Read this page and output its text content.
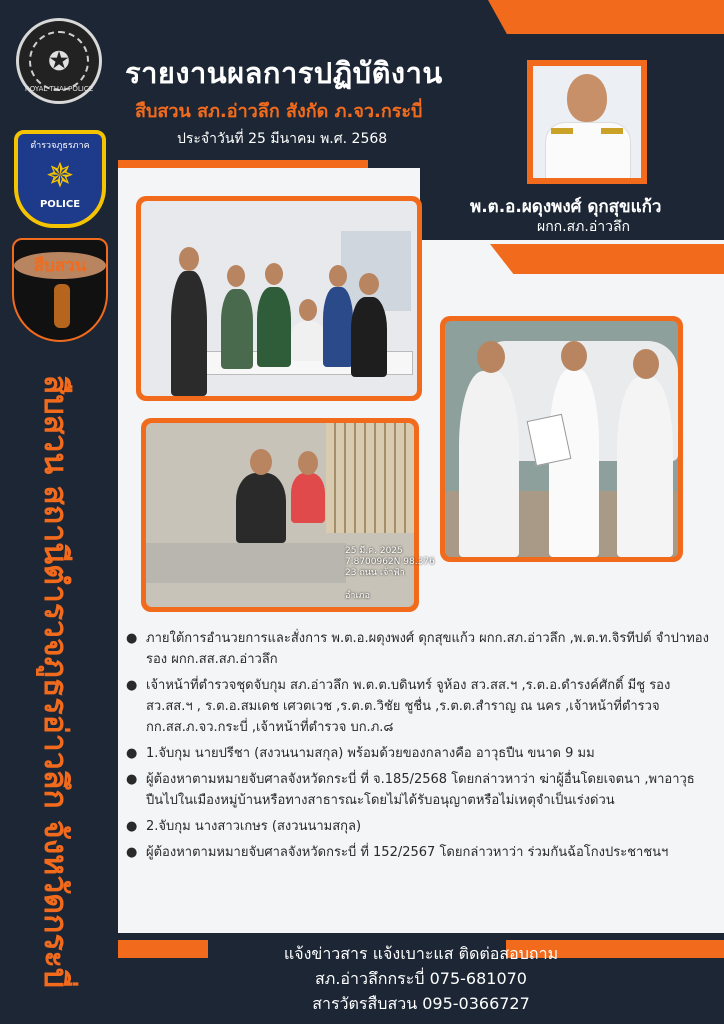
รายงานผลการปฏิบัติงาน
สืบสวน สภ.อ่าวลึก สังกัด ภ.จว.กระบี่
ประจำวันที่ 25 มีนาคม พ.ศ. 2568
✪
ROYAL THAI POLICE
ตำรวจภูธรภาค
✵
POLICE
สืบสวน
สืบสวน สถานีตำรวจภูธรอ่าวลึก จังหวัดกระบี่
พ.ต.อ.ผดุงพงศ์ ดุกสุขแก้ว
ผกก.สภ.อ่าวลึก
25 มี.ค. 2025
7.8700962N 98.376
23 ถนน เจ้าฟ้า
อำเภอ
● ภายใต้การอำนวยการและสั่งการ พ.ต.อ.ผดุงพงศ์ ดุกสุขแก้ว ผกก.สภ.อ่าวลึก ,พ.ต.ท.จิรทีปต์ จำปาทอง รอง ผกก.สส.สภ.อ่าวลึก
● เจ้าหน้าที่ตำรวจชุดจับกุม สภ.อ่าวลึก พ.ต.ต.บดินทร์ จูห้อง สว.สส.ฯ ,ร.ต.อ.ดำรงค์ศักดิ์ มีชู รอง สว.สส.ฯ , ร.ต.อ.สมเดช เศวตเวช ,ร.ต.ต.วิชัย ชูชื่น ,ร.ต.ต.สำราญ ณ นคร ,เจ้าหน้าที่ตำรวจ กก.สส.ภ.จว.กระบี่ ,เจ้าหน้าที่ตำรวจ บก.ภ.๘
● 1.จับกุม นายปรีชา (สงวนนามสกุล) พร้อมด้วยของกลางคือ อาวุธปืน ขนาด 9 มม
● ผู้ต้องหาตามหมายจับศาลจังหวัดกระบี่ ที่ จ.185/2568 โดยกล่าวหาว่า ฆ่าผู้อื่นโดยเจตนา ,พาอาวุธ ปืนไปในเมืองหมู่บ้านหรือทางสาธารณะโดยไม่ได้รับอนุญาตหรือไม่เหตุจำเป็นเร่งด่วน
● 2.จับกุม นางสาวเกษร (สงวนนามสกุล)
● ผู้ต้องหาตามหมายจับศาลจังหวัดกระบี่ ที่ 152/2567 โดยกล่าวหาว่า ร่วมกันฉ้อโกงประชาชนฯ
แจ้งข่าวสาร แจ้งเบาะแส ติดต่อสอบถาม
สภ.อ่าวลึกกระบี่ 075-681070
สารวัตรสืบสวน 095-0366727
